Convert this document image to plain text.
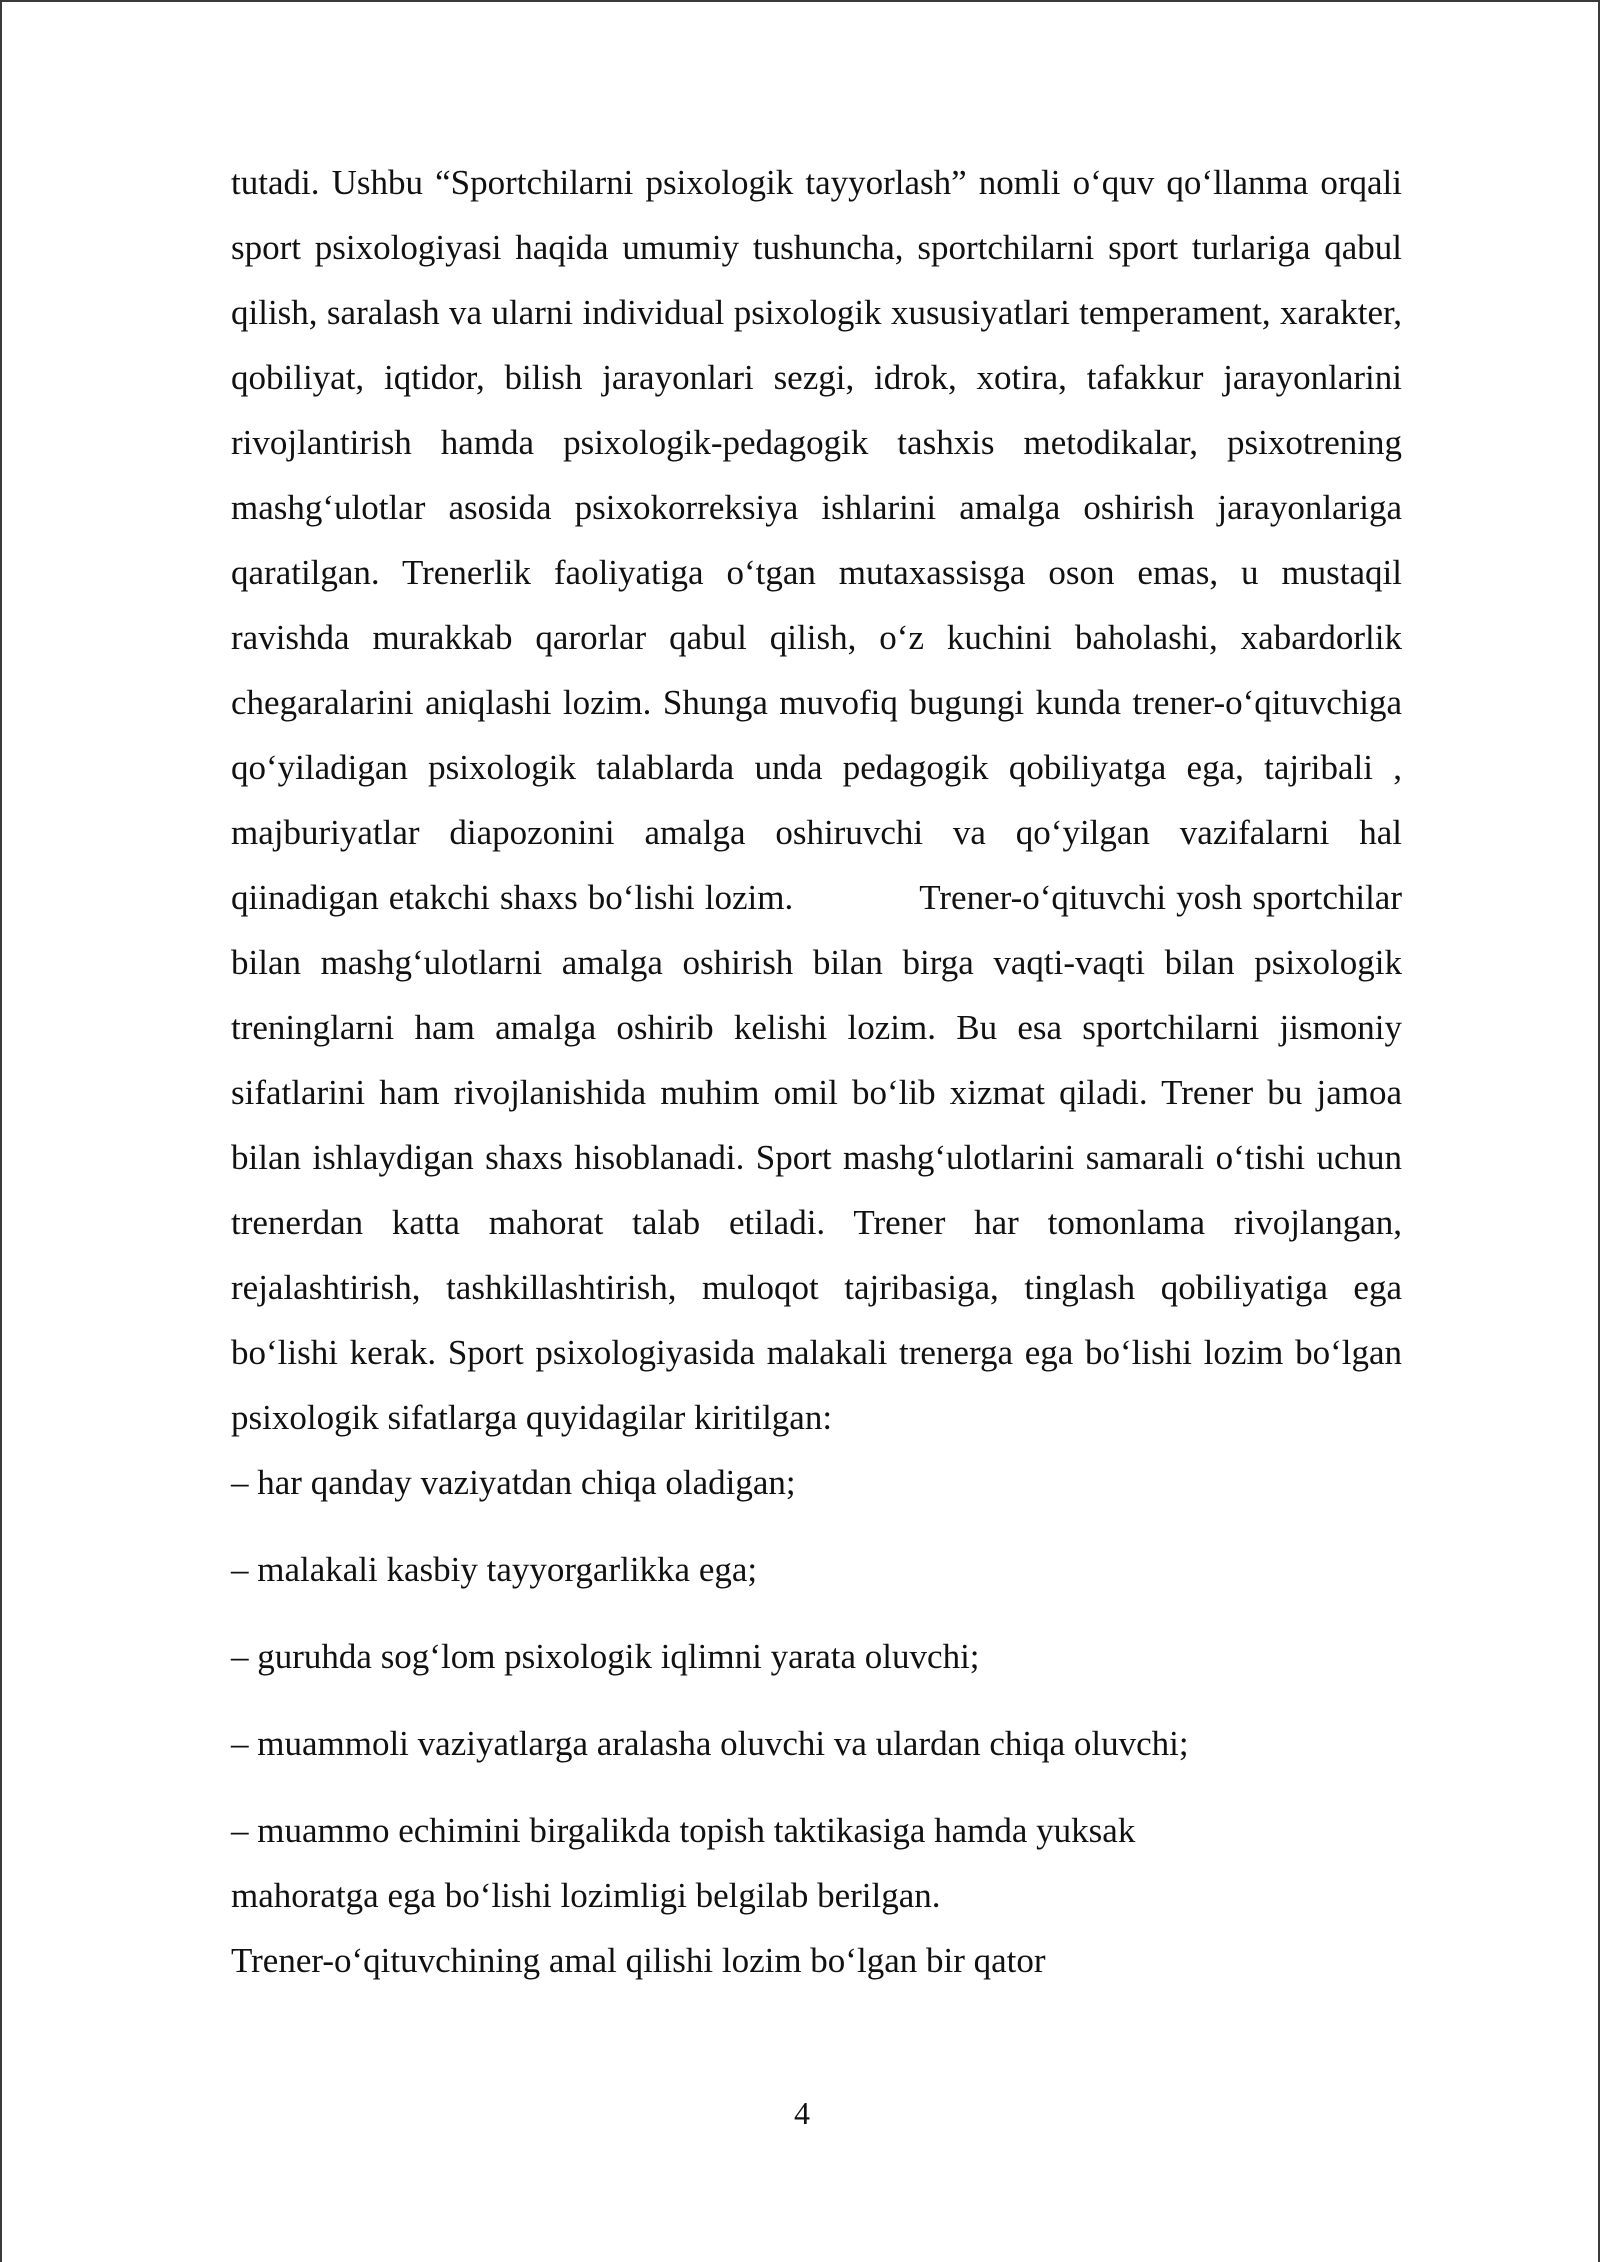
tutadi. Ushbu “Sportchilarni psixologik tayyorlash” nomli o‘quv qo‘llanma orqali sport psixologiyasi haqida umumiy tushuncha, sportchilarni sport turlariga qabul qilish, saralash va ularni individual psixologik xususiyatlari temperament, xarakter, qobiliyat, iqtidor, bilish jarayonlari sezgi, idrok, xotira, tafakkur jarayonlarini rivojlantirish hamda psixologik-pedagogik tashxis metodikalar, psixotrening mashg‘ulotlar asosida psixokorreksiya ishlarini amalga oshirish jarayonlariga qaratilgan. Trenerlik faoliyatiga o‘tgan mutaxassisga oson emas, u mustaqil ravishda murakkab qarorlar qabul qilish, o‘z kuchini baholashi, xabardorlik chegaralarini aniqlashi lozim. Shunga muvofiq bugungi kunda trener-o‘qituvchiga qo‘yiladigan psixologik talablarda unda pedagogik qobiliyatga ega, tajribali , majburiyatlar diapozonini amalga oshiruvchi va qo‘yilgan vazifalarni hal qiinadigan etakchi shaxs bo‘lishi lozim.	Trener-o‘qituvchi yosh sportchilar bilan mashg‘ulotlarni amalga oshirish bilan birga vaqti-vaqti bilan psixologik treninglarni ham amalga oshirib kelishi lozim. Bu esa sportchilarni jismoniy sifatlarini ham rivojlanishida muhim omil bo‘lib xizmat qiladi. Trener bu jamoa bilan ishlaydigan shaxs hisoblanadi. Sport mashg‘ulotlarini samarali o‘tishi uchun trenerdan katta mahorat talab etiladi. Trener har tomonlama rivojlangan, rejalashtirish, tashkillashtirish, muloqot tajribasiga, tinglash qobiliyatiga ega bo‘lishi kerak. Sport psixologiyasida malakali trenerga ega bo‘lishi lozim bo‘lgan psixologik sifatlarga quyidagilar kiritilgan:

– har qanday vaziyatdan chiqa oladigan;
– malakali kasbiy tayyorgarlikka ega;
– guruhda sog‘lom psixologik iqlimni yarata oluvchi;
– muammoli vaziyatlarga aralasha oluvchi va ulardan chiqa oluvchi;
– muammo echimini birgalikda topish taktikasiga hamda yuksak

mahoratga ega bo‘lishi lozimligi belgilab berilgan.

Trener-o‘qituvchining amal qilishi lozim bo‘lgan bir qator

4
